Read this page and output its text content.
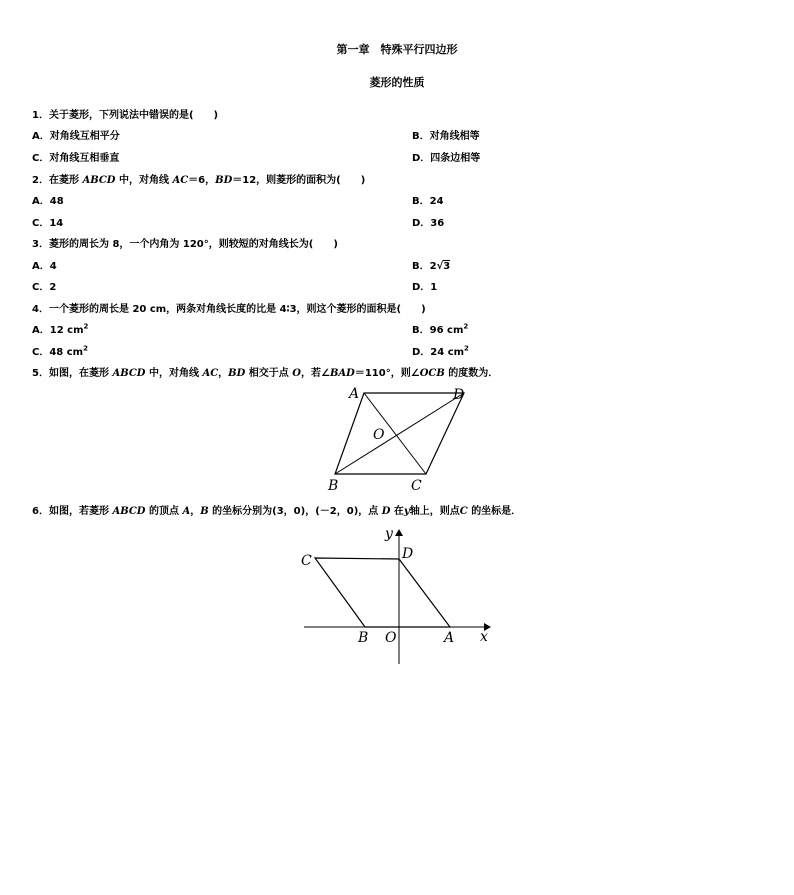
第一章　特殊平行四边形
菱形的性质
1．关于菱形，下列说法中错误的是(　　)
A．对角线互相平分	B．对角线相等
C．对角线互相垂直	D．四条边相等
2．在菱形 ABCD 中，对角线 AC＝6，BD＝12，则菱形的面积为(　　)
A．48	B．24
C．14	D．36
3．菱形的周长为 8，一个内角为 120°，则较短的对角线长为(　　)
A．4	B．2√3
C．2	D．1
4．一个菱形的周长是 20 cm，两条对角线长度的比是 4∶3，则这个菱形的面积是(　　)
A．12 $cm^2$	B．96 $cm^2$
C．48 $cm^2$	D．24 $cm^2$
5．如图，在菱形 ABCD 中，对角线 AC，BD 相交于点 O，若∠BAD＝110°，则∠OCB 的度数为．
A	D
O
B	C
6．如图，若菱形 ABCD 的顶点 A，B 的坐标分别为(3，0)，(－2，0)，点 D 在y轴上，则点C 的坐标是．
C	D
y
B O	A x
